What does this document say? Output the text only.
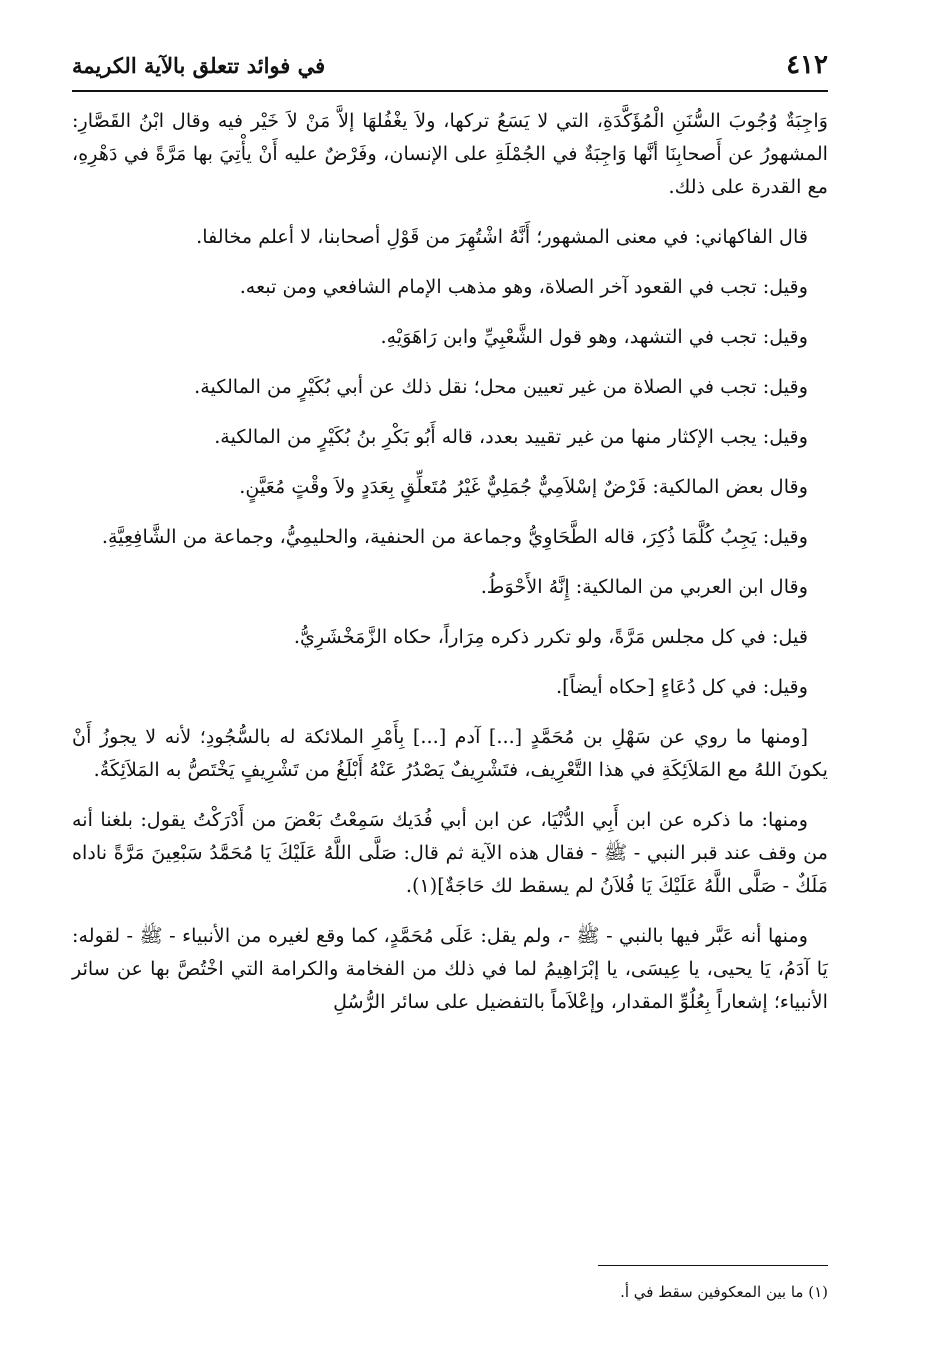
٤١٢
في فوائد تتعلق بالآية الكريمة

وَاجِبَةٌ وُجُوبَ السُّنَنِ الْمُؤَكَّدَةِ، التي لا يَسَعُ تركها، ولاَ يغْفُلهَا إلاَّ مَنْ لاَ خَيْر فيه وقال ابْنُ القَصَّارِ: المشهورُ عن أَصحابِنَا أنَّها وَاجِبَةٌ في الجُمْلَةِ على الإنسان، وفَرْضٌ عليه أَنْ يأْتِيَ بها مَرَّةً في دَهْرِهِ، مع القدرة على ذلك.

قال الفاكهاني: في معنى المشهور؛ أَنَّهُ اشْتُهِرَ من قَوْلِ أصحابنا، لا أعلم مخالفا.

وقيل: تجب في القعود آخر الصلاة، وهو مذهب الإمام الشافعي ومن تبعه.

وقيل: تجب في التشهد، وهو قول الشَّعْبِيِّ وابن رَاهَوَيْهِ.

وقيل: تجب في الصلاة من غير تعيين محل؛ نقل ذلك عن أبي بُكَيْرٍ من المالكية.

وقيل: يجب الإكثار منها من غير تقييد بعدد، قاله أَبُو بَكْرِ بنُ بُكَيْرٍ من المالكية.

وقال بعض المالكية: فَرْضٌ إسْلاَمِيٌّ جُمَلِيٌّ غَيْرُ مُتَعلِّقٍ بِعَدَدٍ ولاَ وقْتٍ مُعَيَّنٍ.

وقيل: يَجِبُ كُلَّمَا ذُكِرَ، قاله الطَّحَاوِيُّ وجماعة من الحنفية، والحليمِيُّ، وجماعة من الشَّافِعِيَّةِ.

وقال ابن العربي من المالكية: إِنَّهُ الأَحْوَطُ.

قيل: في كل مجلس مَرَّةً، ولو تكرر ذكره مِرَاراً، حكاه الزَّمَخْشَرِيُّ.

وقيل: في كل دُعَاءٍ [حكاه أيضاً].

[ومنها ما روي عن سَهْلِ بن مُحَمَّدٍ [...] آدم [...] بِأَمْرِ الملائكة له بالسُّجُودِ؛ لأنه لا يجوزُ أَنْ يكونَ اللهُ مع المَلاَئِكَةِ في هذا التَّعْرِيف، فتَشْرِيفٌ يَصْدُرُ عَنْهُ أَبْلَغُ من تَشْرِيفٍ يَخْتَصُّ به المَلاَئِكَةُ.

ومنها: ما ذكره عن ابن أَبِي الدُّنْيَا، عن ابن أبي فُدَيك سَمِعْتُ بَعْضَ من أَدْرَكْتُ يقول: بلغنا أنه من وقف عند قبر النبي - ﷺ - فقال هذه الآية ثم قال: صَلَّى اللَّهُ عَلَيْكَ يَا مُحَمَّدُ سَبْعِينَ مَرَّةً ناداه مَلَكٌ - صَلَّى اللَّهُ عَلَيْكَ يَا فُلاَنُ لم يسقط لك حَاجَةٌ](١).

ومنها أنه عَبَّر فيها بالنبي - ﷺ -، ولم يقل: عَلَى مُحَمَّدٍ، كما وقع لغيره من الأنبياء - ﷺ - لقوله: يَا آدَمُ، يَا يحيى، يا عِيسَى، يا إبْرَاهِيمُ لما في ذلك من الفخامة والكرامة التي اخْتُصَّ بها عن سائر الأنبياء؛ إشعاراً بِعُلُوِّ المقدار، وإعْلاَماً بالتفضيل على سائر الرُّسُلِ

(١) ما بين المعكوفين سقط في أ.
